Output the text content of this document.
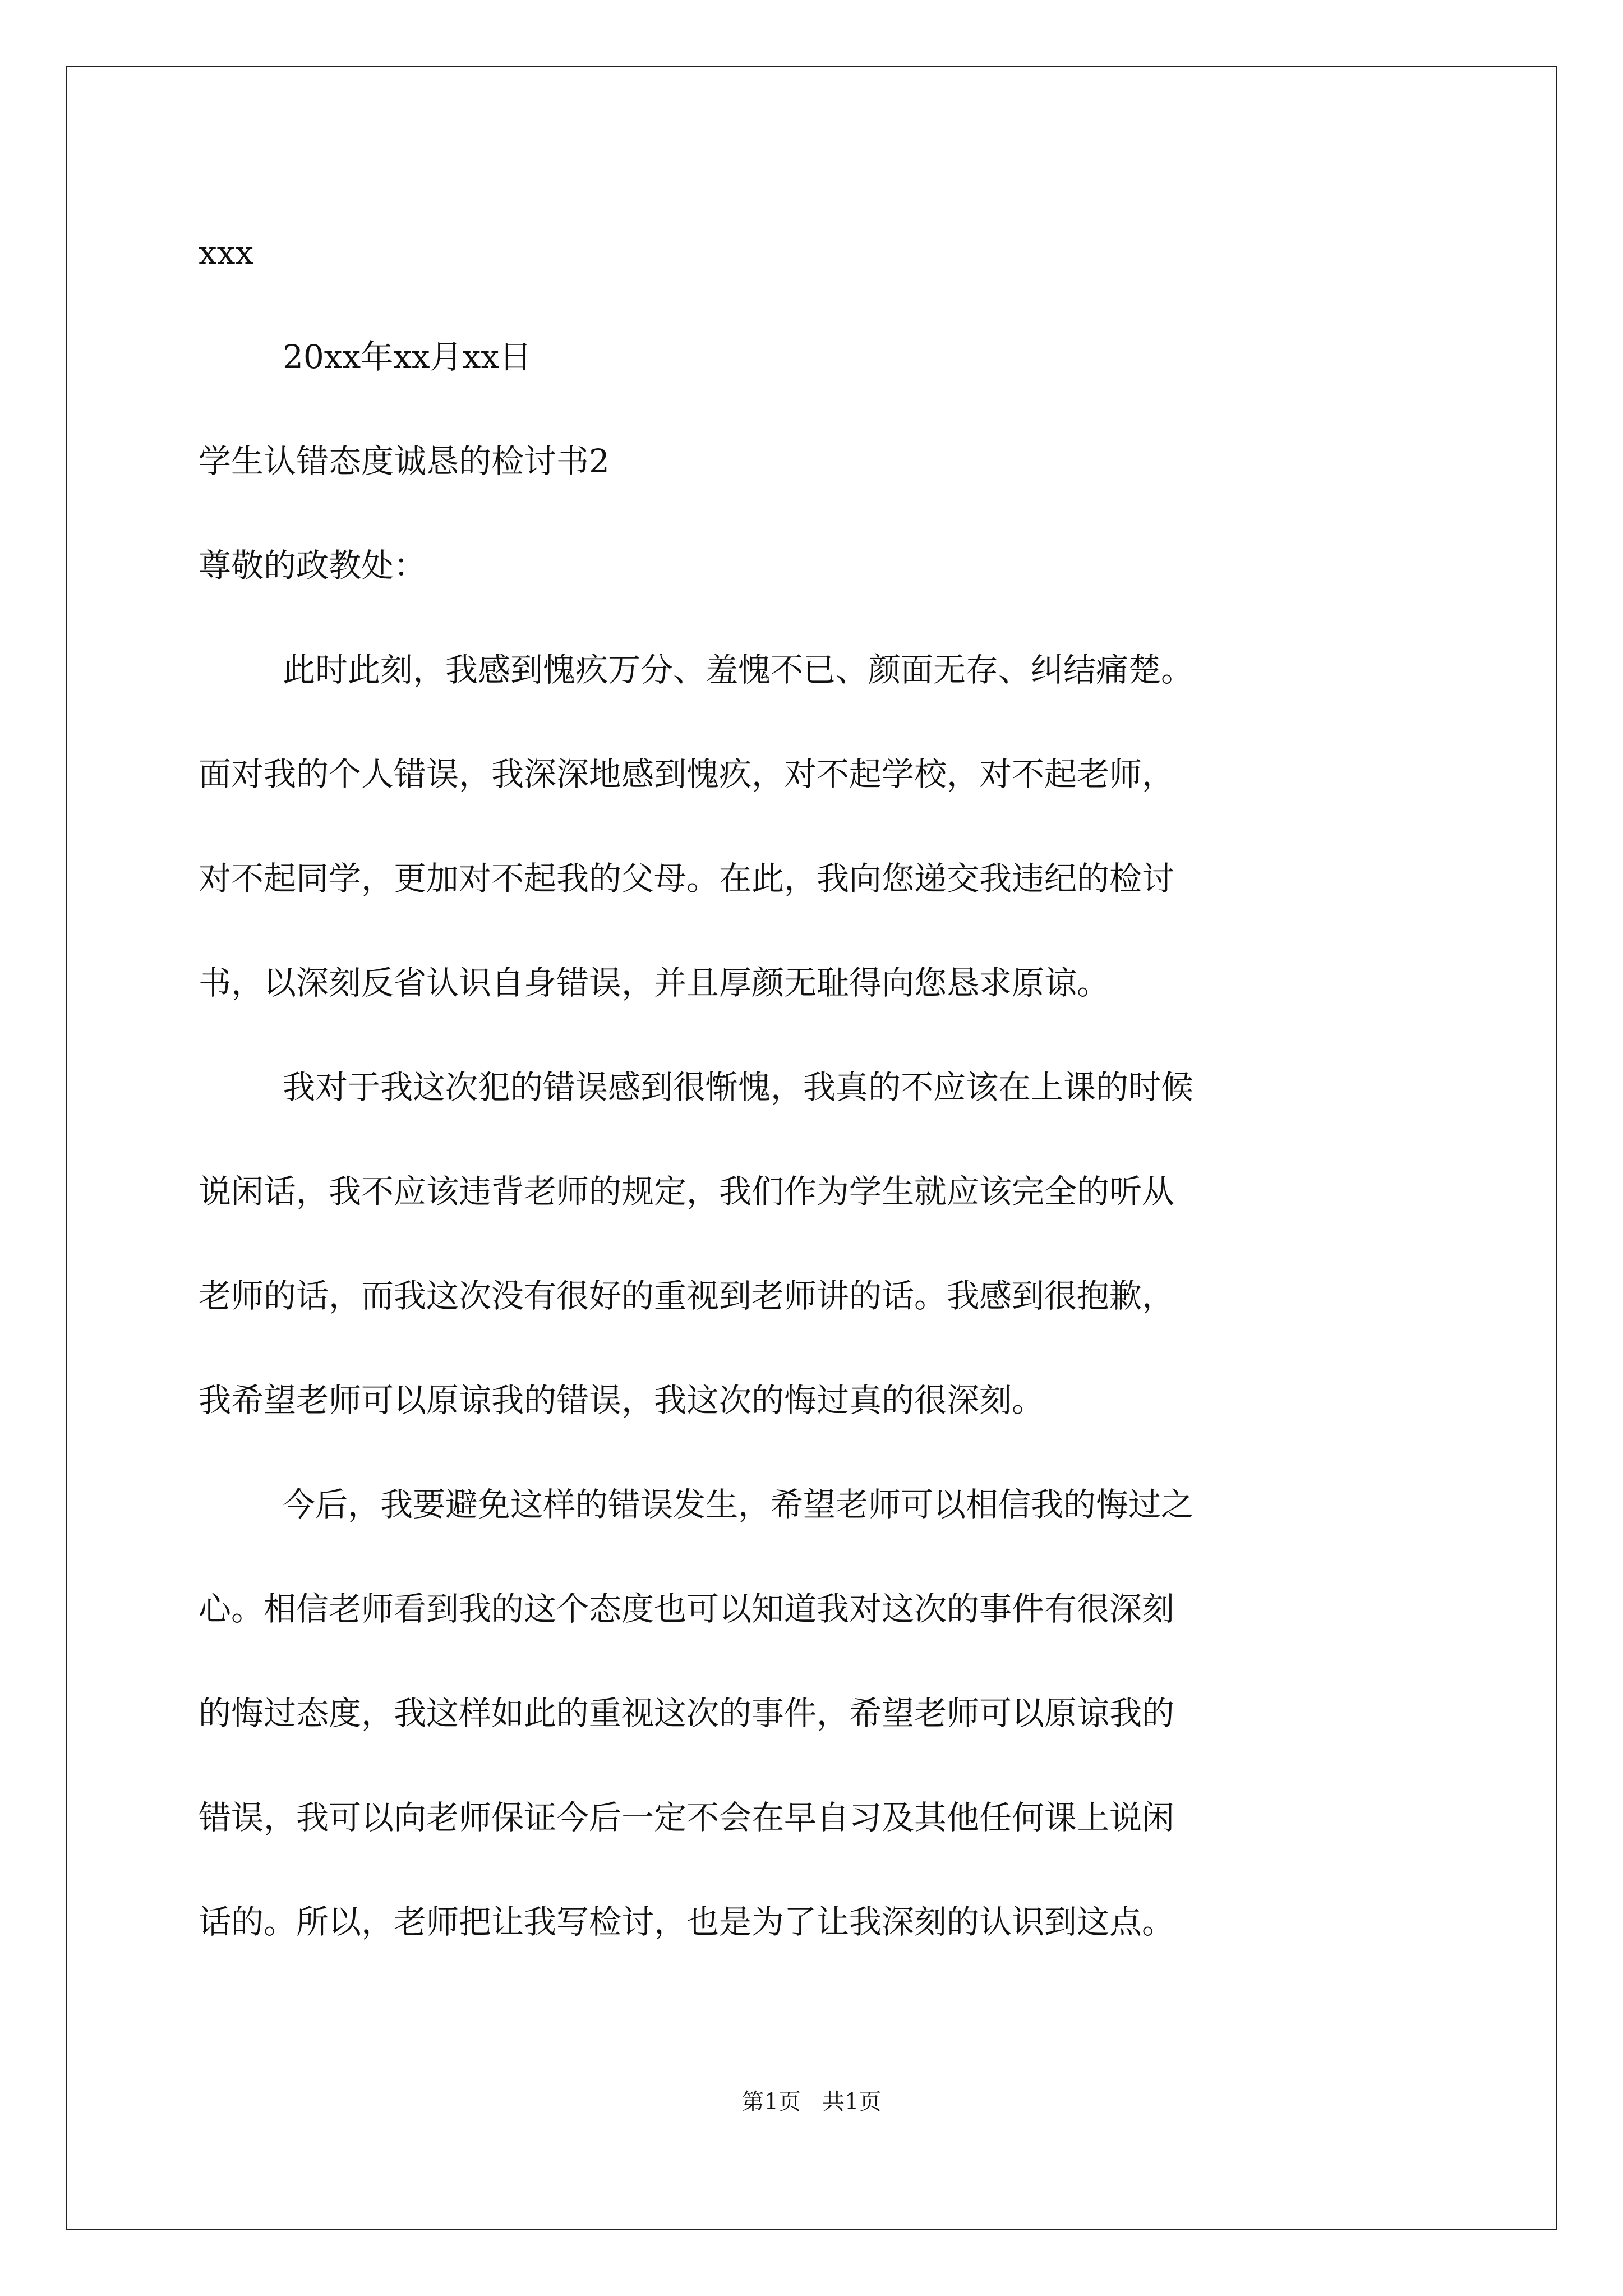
xxx

20xx年xx月xx日

学生认错态度诚恳的检讨书2

尊敬的政教处：

此时此刻，我感到愧疚万分、羞愧不已、颜面无存、纠结痛楚。

面对我的个人错误，我深深地感到愧疚，对不起学校，对不起老师，

对不起同学，更加对不起我的父母。在此，我向您递交我违纪的检讨

书，以深刻反省认识自身错误，并且厚颜无耻得向您恳求原谅。

我对于我这次犯的错误感到很惭愧，我真的不应该在上课的时候

说闲话，我不应该违背老师的规定，我们作为学生就应该完全的听从

老师的话，而我这次没有很好的重视到老师讲的话。我感到很抱歉，

我希望老师可以原谅我的错误，我这次的悔过真的很深刻。

今后，我要避免这样的错误发生，希望老师可以相信我的悔过之

心。相信老师看到我的这个态度也可以知道我对这次的事件有很深刻

的悔过态度，我这样如此的重视这次的事件，希望老师可以原谅我的

错误，我可以向老师保证今后一定不会在早自习及其他任何课上说闲

话的。所以，老师把让我写检讨，也是为了让我深刻的认识到这点。

第1页   共1页
